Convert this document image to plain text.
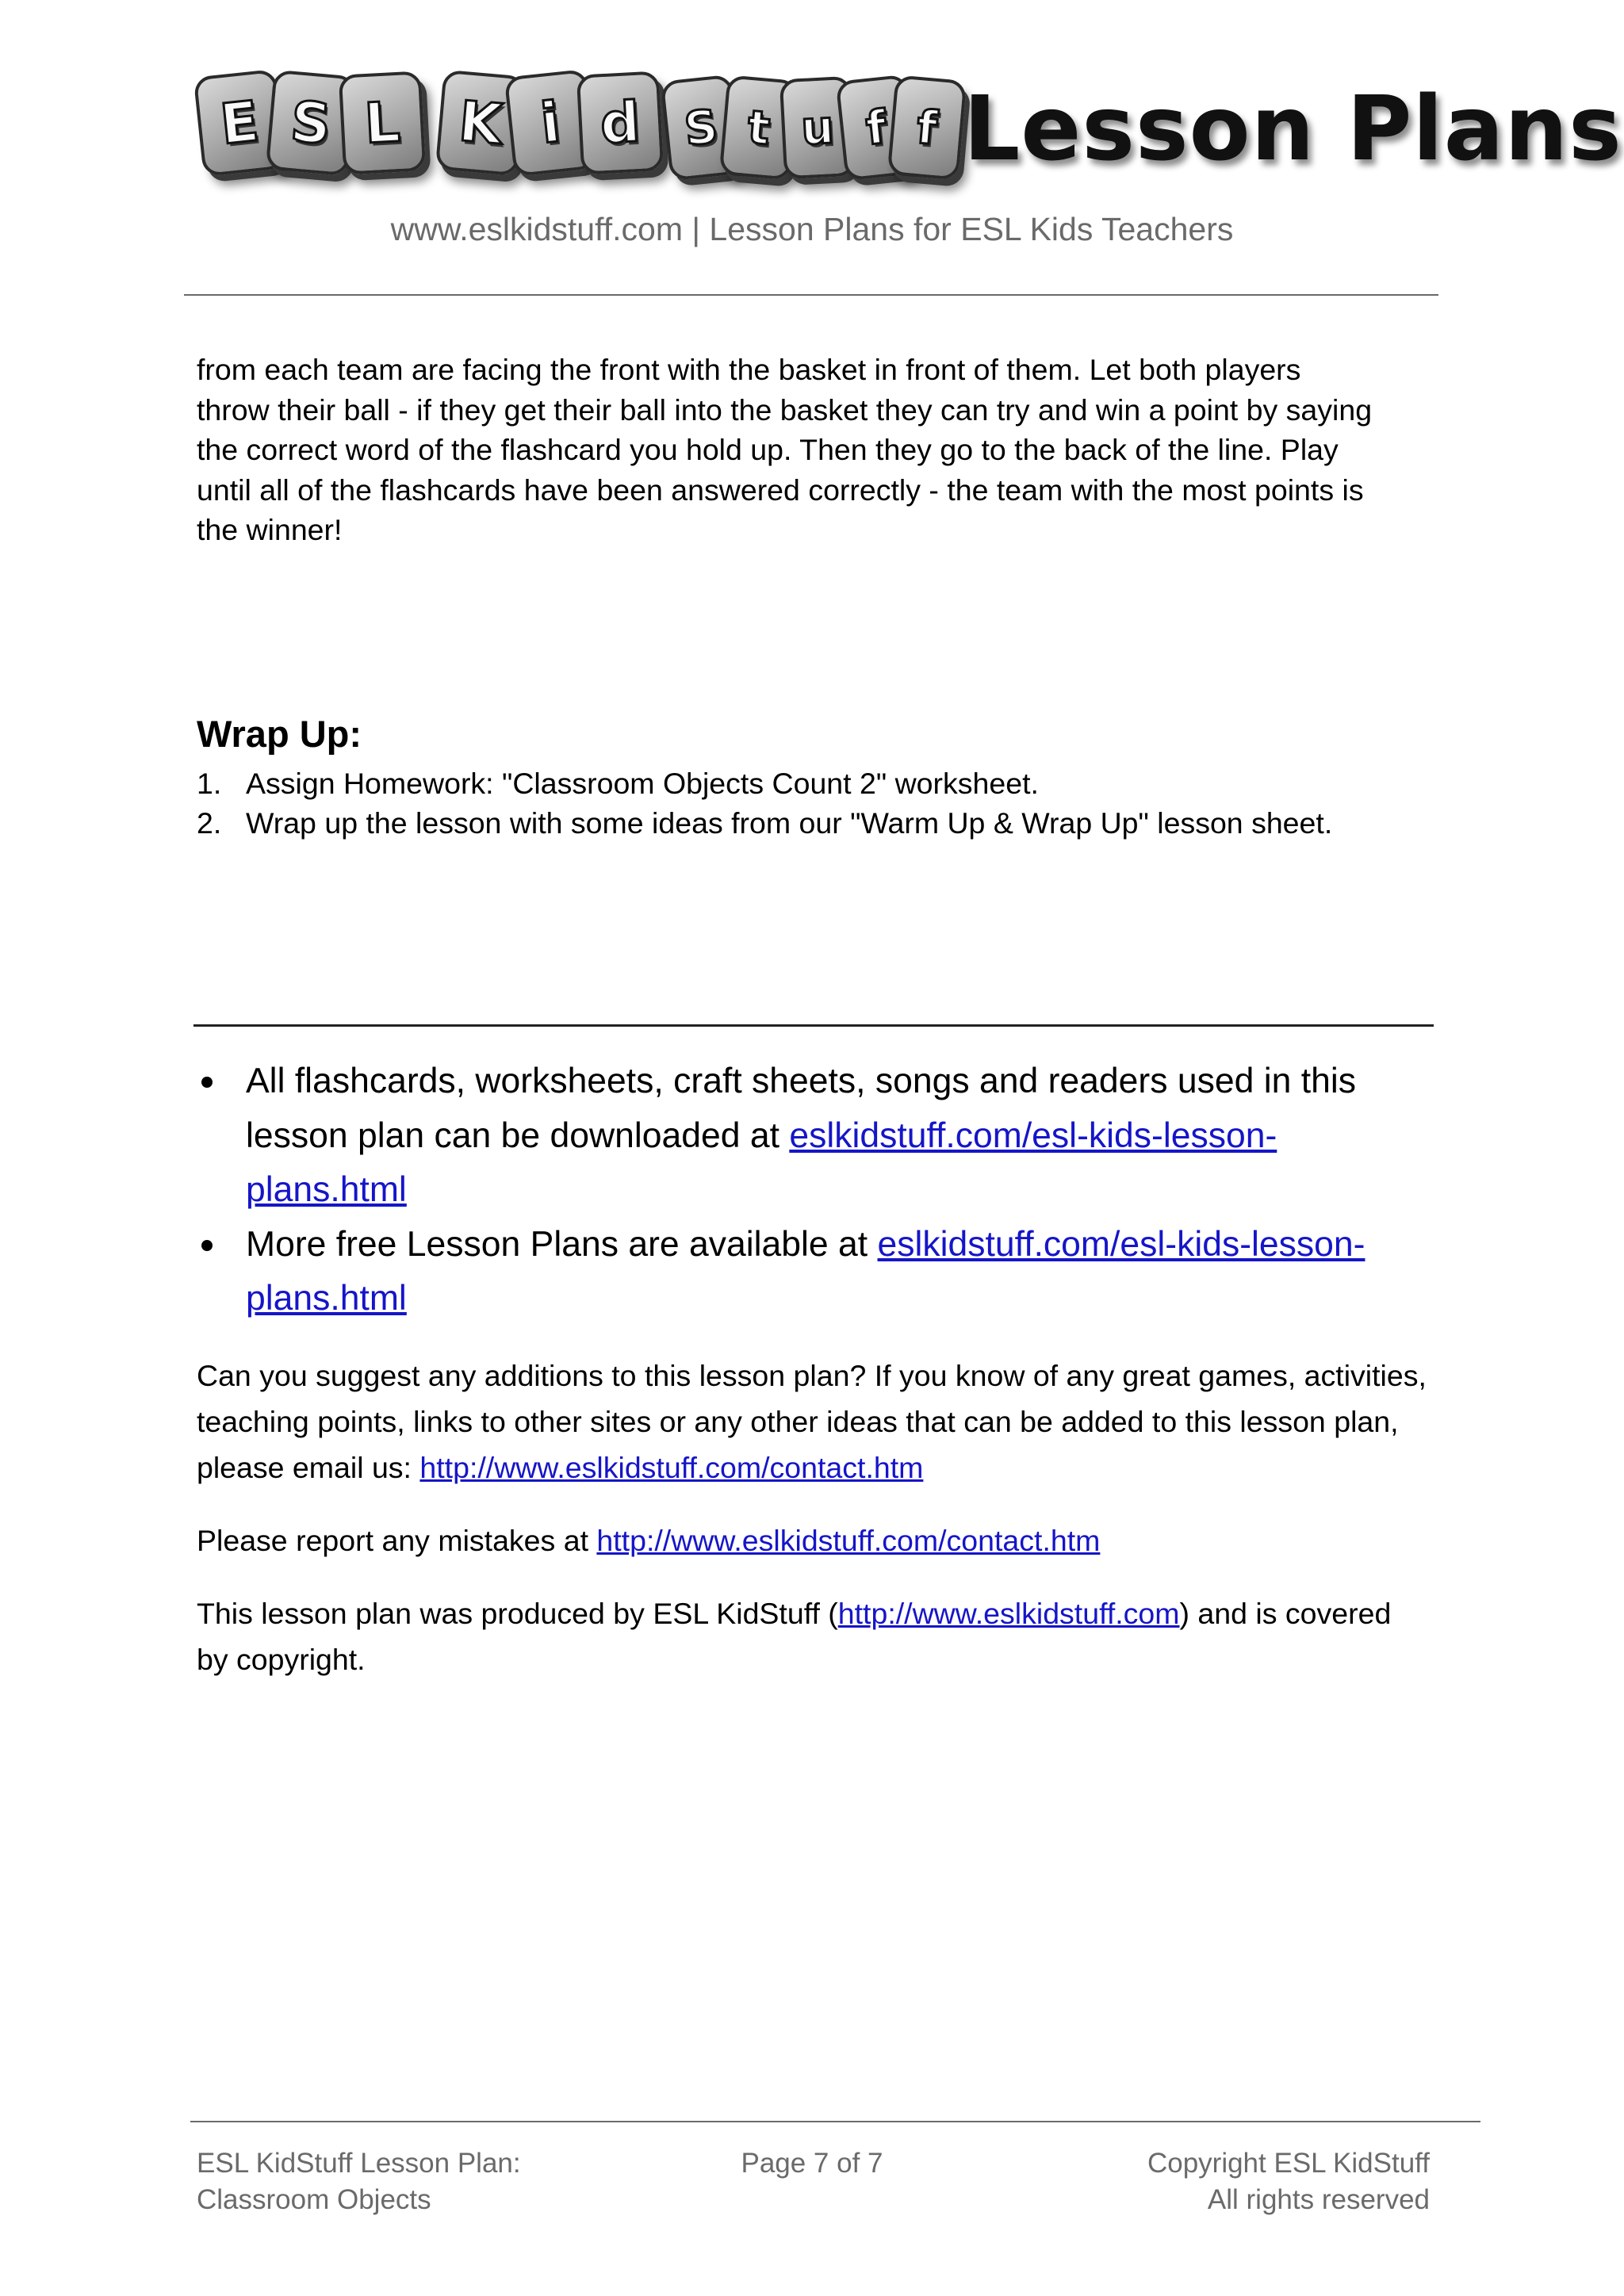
E S L K i d S t u f f Lesson Plans
www.eslkidstuff.com | Lesson Plans for ESL Kids Teachers
from each team are facing the front with the basket in front of them. Let both players
throw their ball - if they get their ball into the basket they can try and win a point by saying
the correct word of the flashcard you hold up. Then they go to the back of the line. Play
until all of the flashcards have been answered correctly - the team with the most points is
the winner!
Wrap Up:
1. Assign Homework: "Classroom Objects Count 2" worksheet.
2. Wrap up the lesson with some ideas from our "Warm Up & Wrap Up" lesson sheet.
All flashcards, worksheets, craft sheets, songs and readers used in this
lesson plan can be downloaded at eslkidstuff.com/esl-kids-lesson-
plans.html
More free Lesson Plans are available at eslkidstuff.com/esl-kids-lesson-
plans.html
Can you suggest any additions to this lesson plan? If you know of any great games, activities,
teaching points, links to other sites or any other ideas that can be added to this lesson plan,
please email us: http://www.eslkidstuff.com/contact.htm
Please report any mistakes at http://www.eslkidstuff.com/contact.htm
This lesson plan was produced by ESL KidStuff (http://www.eslkidstuff.com) and is covered
by copyright.
ESL KidStuff Lesson Plan:
Classroom Objects
Page 7 of 7	Copyright ESL KidStuff
All rights reserved
